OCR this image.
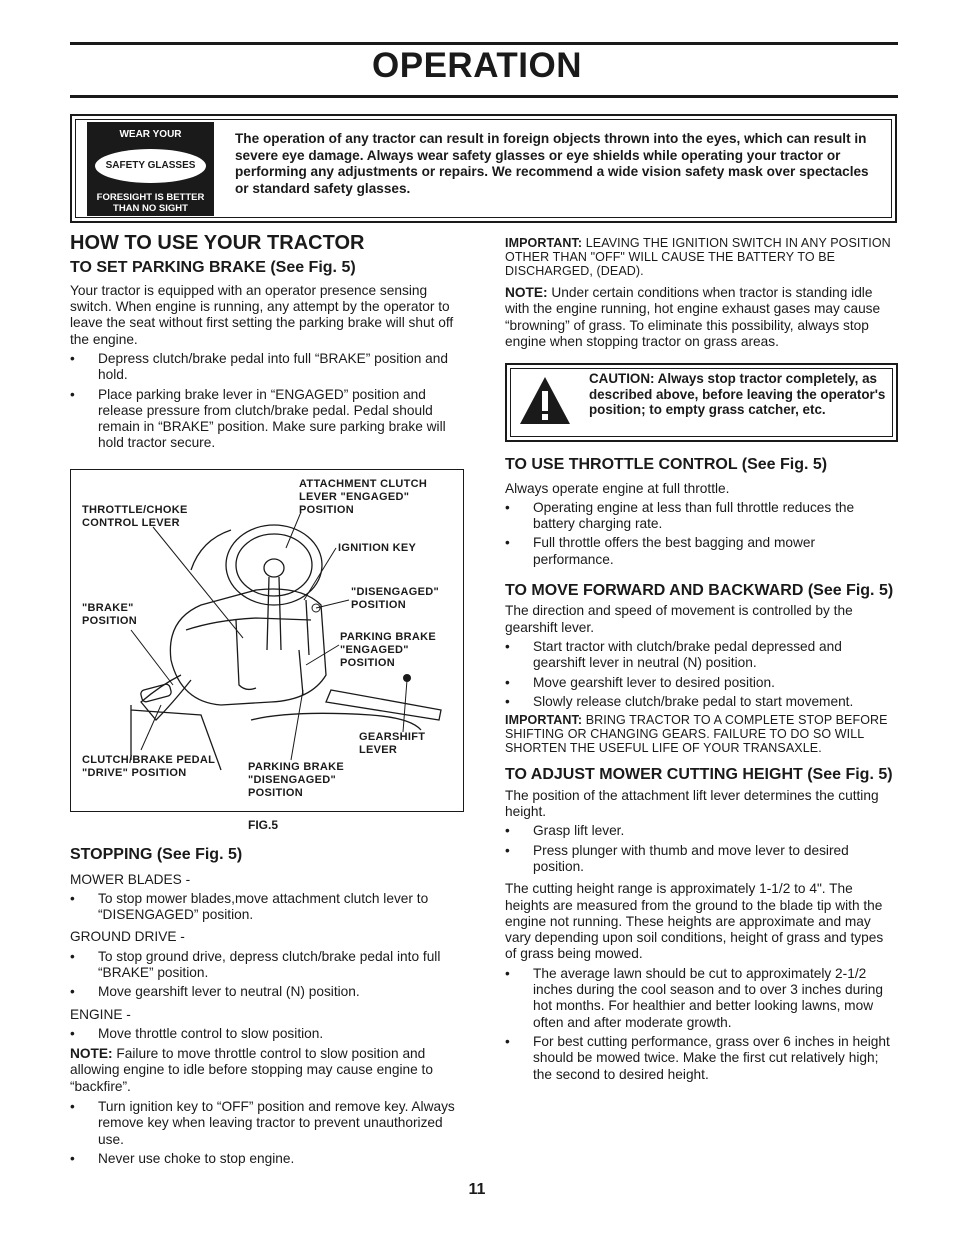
OPERATION
WEAR YOUR
SAFETY GLASSES
FORESIGHT IS BETTER
THAN NO SIGHT
The operation of any tractor can result in foreign objects thrown into the eyes, which can result in severe eye damage. Always wear safety glasses or eye shields while operating your tractor or performing any adjustments or repairs. We recommend a wide vision safety mask over spectacles or standard safety glasses.
HOW TO USE YOUR TRACTOR
TO SET PARKING BRAKE (See Fig. 5)

Your tractor is equipped with an operator presence sensing switch. When engine is running, any attempt by the operator to leave the seat without first setting the parking brake will shut off the engine.

• Depress clutch/brake pedal into full “BRAKE” position and hold.
• Place parking brake lever in “ENGAGED” position and release pressure from clutch/brake pedal. Pedal should remain in “BRAKE” position. Make sure parking brake will hold tractor secure.
ATTACHMENT CLUTCH LEVER "ENGAGED" POSITION
THROTTLE/CHOKE CONTROL LEVER
IGNITION KEY
"DISENGAGED" POSITION
"BRAKE" POSITION
PARKING BRAKE "ENGAGED" POSITION
GEARSHIFT LEVER
CLUTCH/BRAKE PEDAL "DRIVE" POSITION	PARKING BRAKE "DISENGAGED" POSITION
FIG.5
STOPPING (See Fig. 5)

MOWER BLADES -

• To stop mower blades,move attachment clutch lever to “DISENGAGED” position.

GROUND DRIVE -

• To stop ground drive, depress clutch/brake pedal into full “BRAKE” position.
• Move gearshift lever to neutral (N) position.

ENGINE -

• Move throttle control to slow position.

NOTE: Failure to move throttle control to slow position and allowing engine to idle before stopping may cause engine to “backfire”.

• Turn ignition key to “OFF” position and remove key. Always remove key when leaving tractor to prevent unauthorized use.
• Never use choke to stop engine.

IMPORTANT: LEAVING THE IGNITION SWITCH IN ANY POSITION OTHER THAN "OFF" WILL CAUSE THE BATTERY TO BE DISCHARGED, (DEAD).

NOTE: Under certain conditions when tractor is standing idle with the engine running, hot engine exhaust gases may cause “browning” of grass. To eliminate this possibility, always stop engine when stopping tractor on grass areas.

CAUTION: Always stop tractor completely, as described above, before leaving the operator's position; to empty grass catcher, etc.
TO USE THROTTLE CONTROL (See Fig. 5)

Always operate engine at full throttle.

• Operating engine at less than full throttle reduces the battery charging rate.
• Full throttle offers the best bagging and mower performance.
TO MOVE FORWARD AND BACKWARD (See Fig. 5)

The direction and speed of movement is controlled by the gearshift lever.

• Start tractor with clutch/brake pedal depressed and gearshift lever in neutral (N) position.
• Move gearshift lever to desired position.
• Slowly release clutch/brake pedal to start movement.

IMPORTANT: BRING TRACTOR TO A COMPLETE STOP BEFORE SHIFTING OR CHANGING GEARS. FAILURE TO DO SO WILL SHORTEN THE USEFUL LIFE OF YOUR TRANSAXLE.

TO ADJUST MOWER CUTTING HEIGHT (See Fig. 5)

The position of the attachment lift lever determines the cutting height.

• Grasp lift lever.
• Press plunger with thumb and move lever to desired position.

The cutting height range is approximately 1-1/2 to 4". The heights are measured from the ground to the blade tip with the engine not running. These heights are approximate and may vary depending upon soil conditions, height of grass and types of grass being mowed.

• The average lawn should be cut to approximately 2-1/2 inches during the cool season and to over 3 inches during hot months. For healthier and better looking lawns, mow often and after moderate growth.
• For best cutting performance, grass over 6 inches in height should be mowed twice. Make the first cut relatively high; the second to desired height.
11
